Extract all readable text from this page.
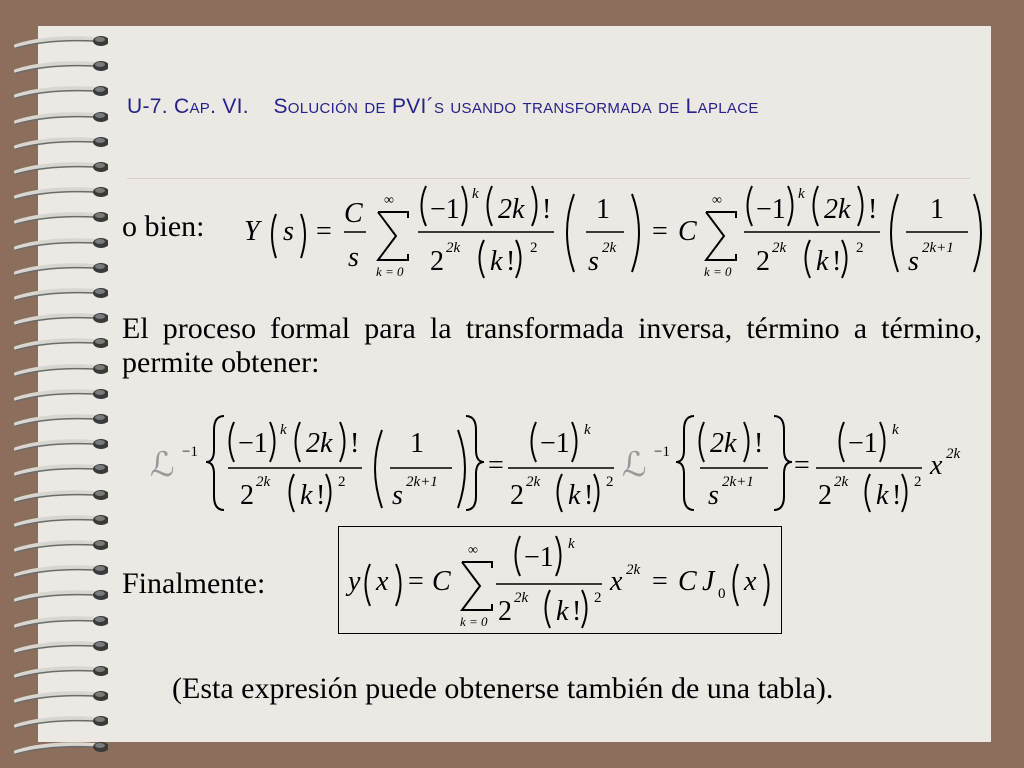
U-7. Cap. VI. Solución de PVI´s usando transformada de Laplace
o bien: Y s =
C
s
∞
k = 0
−1 k 2k !
2 2k k ! 2
1
s 2k
= C
∞
k = 0
−1 k 2k !
2 2k k ! 2
1
s 2k+1
El proceso formal para la transformada inversa, término a término, permite obtener:
ℒ −1 −1 k 2k !
2 2k k ! 2
1
s 2k+1
=
−1 k
2 2k k ! 2 ℒ −1 2k !
s 2k+1
=
−1 k
2 2k k ! 2
x 2k
Finalmente:	y x = C
∞
k = 0
−1 k
2 2k k ! 2
x 2k = C J 0 x
(Esta expresión puede obtenerse también de una tabla).
